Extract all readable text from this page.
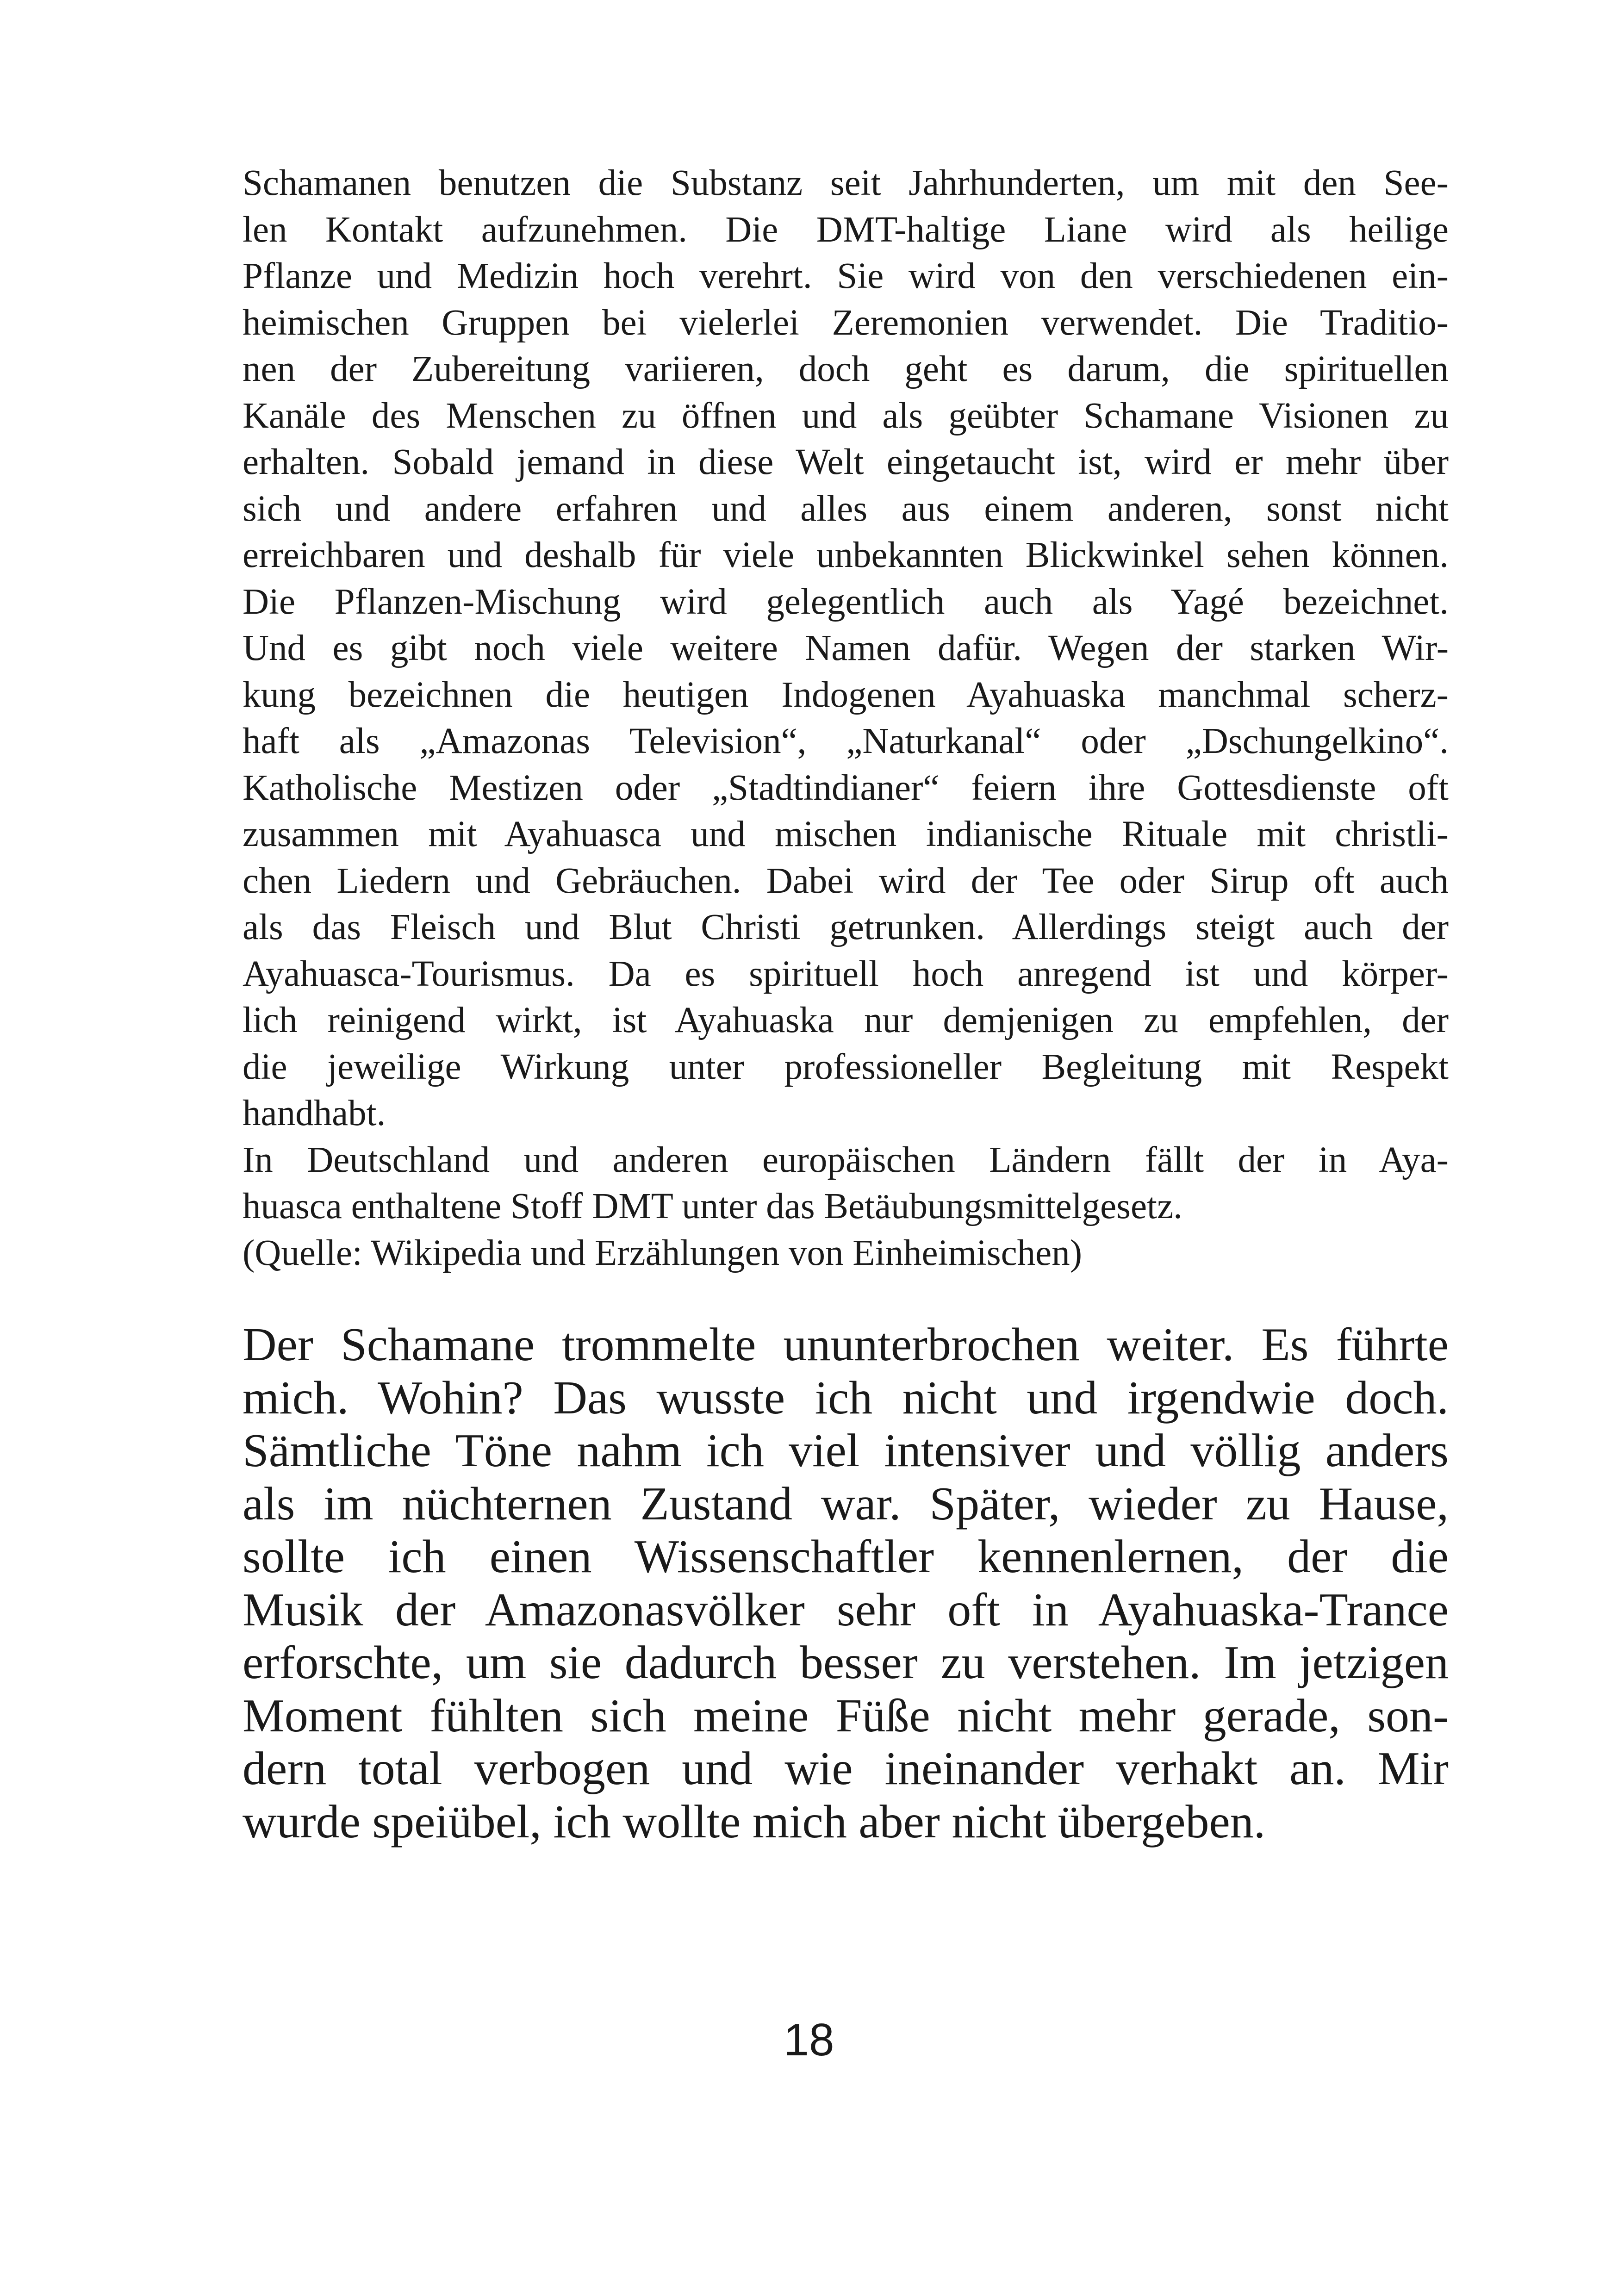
Schamanen benutzen die Substanz seit Jahrhunderten, um mit den See-
len Kontakt aufzunehmen. Die DMT-haltige Liane wird als heilige
Pflanze und Medizin hoch verehrt. Sie wird von den verschiedenen ein-
heimischen Gruppen bei vielerlei Zeremonien verwendet. Die Traditio-
nen der Zubereitung variieren, doch geht es darum, die spirituellen
Kanäle des Menschen zu öffnen und als geübter Schamane Visionen zu
erhalten. Sobald jemand in diese Welt eingetaucht ist, wird er mehr über
sich und andere erfahren und alles aus einem anderen, sonst nicht
erreichbaren und deshalb für viele unbekannten Blickwinkel sehen können.
Die Pflanzen-Mischung wird gelegentlich auch als Yagé bezeichnet.
Und es gibt noch viele weitere Namen dafür. Wegen der starken Wir-
kung bezeichnen die heutigen Indogenen Ayahuaska manchmal scherz-
haft als „Amazonas Television“, „Naturkanal“ oder „Dschungelkino“.
Katholische Mestizen oder „Stadtindianer“ feiern ihre Gottesdienste oft
zusammen mit Ayahuasca und mischen indianische Rituale mit christli-
chen Liedern und Gebräuchen. Dabei wird der Tee oder Sirup oft auch
als das Fleisch und Blut Christi getrunken. Allerdings steigt auch der
Ayahuasca-Tourismus. Da es spirituell hoch anregend ist und körper-
lich reinigend wirkt, ist Ayahuaska nur demjenigen zu empfehlen, der
die jeweilige Wirkung unter professioneller Begleitung mit Respekt
handhabt.
In Deutschland und anderen europäischen Ländern fällt der in Aya-
huasca enthaltene Stoff DMT unter das Betäubungsmittelgesetz.
(Quelle: Wikipedia und Erzählungen von Einheimischen)
Der Schamane trommelte ununterbrochen weiter. Es führte
mich. Wohin? Das wusste ich nicht und irgendwie doch.
Sämtliche Töne nahm ich viel intensiver und völlig anders
als im nüchternen Zustand war. Später, wieder zu Hause,
sollte ich einen Wissenschaftler kennenlernen, der die
Musik der Amazonasvölker sehr oft in Ayahuaska-Trance
erforschte, um sie dadurch besser zu verstehen. Im jetzigen
Moment fühlten sich meine Füße nicht mehr gerade, son-
dern total verbogen und wie ineinander verhakt an. Mir
wurde speiübel, ich wollte mich aber nicht übergeben.
18
